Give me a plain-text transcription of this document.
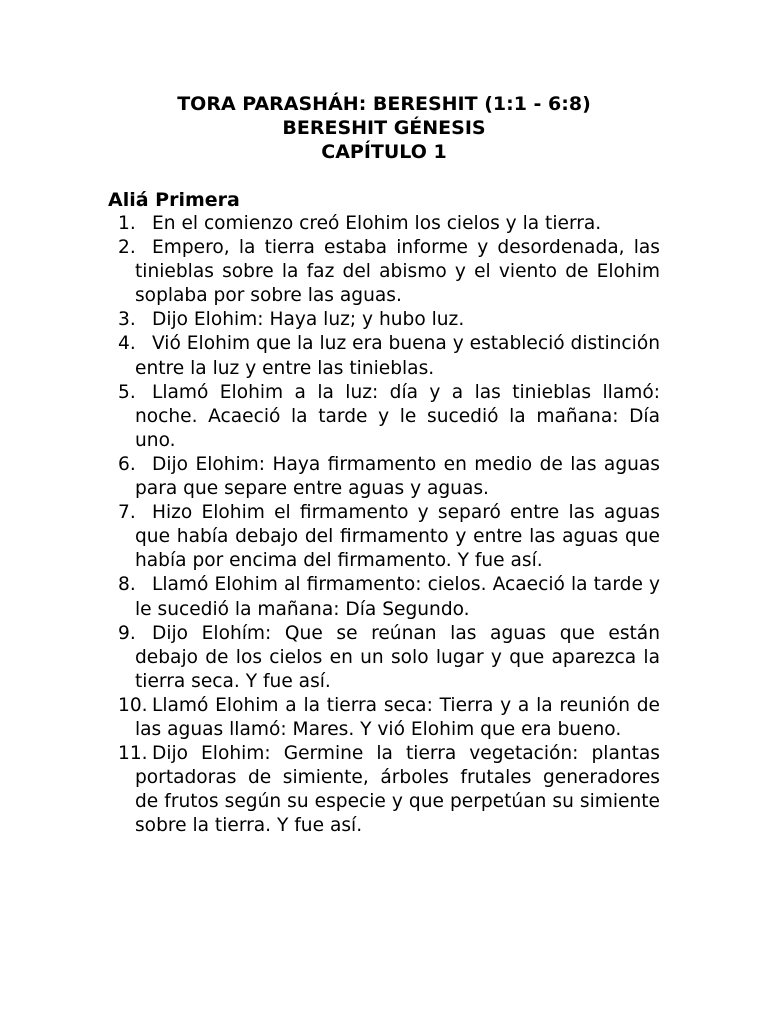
TORA PARASHÁH: BERESHIT (1:1 - 6:8)
BERESHIT GÉNESIS
CAPÍTULO 1
Aliá Primera
1. En el comienzo creó Elohim los cielos y la tierra.
2. Empero, la tierra estaba informe y desordenada, las tinieblas sobre la faz del abismo y el viento de Elohim soplaba por sobre las aguas.
3. Dijo Elohim: Haya luz; y hubo luz.
4. Vió Elohim que la luz era buena y estableció distinción entre la luz y entre las tinieblas.
5. Llamó Elohim a la luz: día y a las tinieblas llamó: noche. Acaeció la tarde y le sucedió la mañana: Día uno.
6. Dijo Elohim: Haya firmamento en medio de las aguas para que separe entre aguas y aguas.
7. Hizo Elohim el firmamento y separó entre las aguas que había debajo del firmamento y entre las aguas que había por encima del firmamento. Y fue así.
8. Llamó Elohim al firmamento: cielos. Acaeció la tarde y le sucedió la mañana: Día Segundo.
9. Dijo Elohím: Que se reúnan las aguas que están debajo de los cielos en un solo lugar y que aparezca la tierra seca. Y fue así.
10. Llamó Elohim a la tierra seca: Tierra y a la reunión de las aguas llamó: Mares. Y vió Elohim que era bueno.
11. Dijo Elohim: Germine la tierra vegetación: plantas portadoras de simiente, árboles frutales generadores de frutos según su especie y que perpetúan su simiente sobre la tierra. Y fue así.
